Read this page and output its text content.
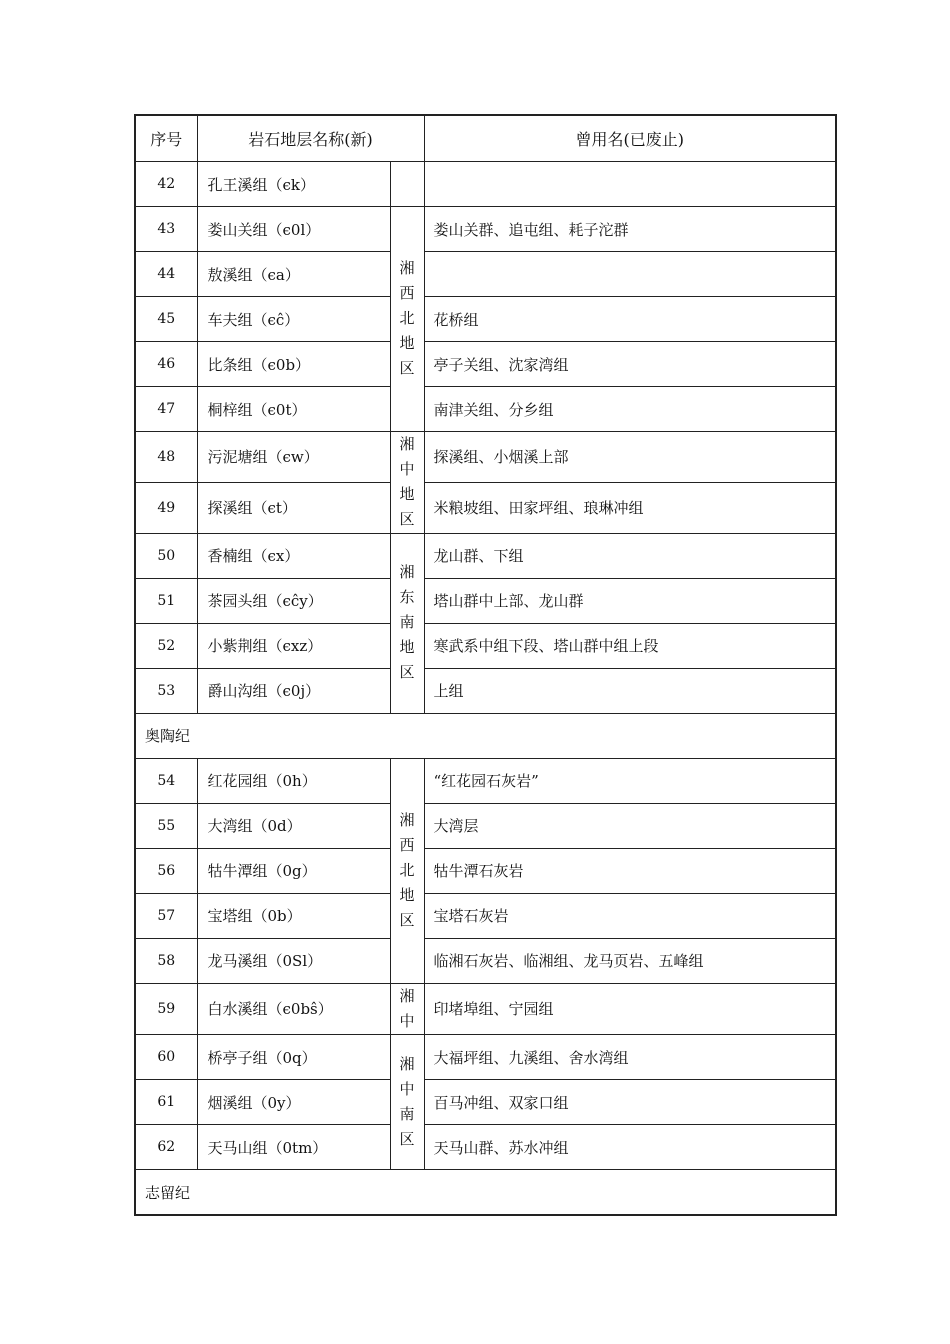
序号	岩石地层名称(新)		曾用名(已废止)
42	孔王溪组（ϵk）		
43	娄山关组（ϵ0l）	湘西北地区	娄山关群、追屯组、耗子沱群
44	敖溪组（ϵa）		
45	车夫组（ϵĉ）		花桥组
46	比条组（ϵ0b）		亭子关组、沈家湾组
47	桐梓组（ϵ0t）		南津关组、分乡组
48	污泥塘组（ϵw）	湘中地区	探溪组、小烟溪上部
49	探溪组（ϵt）		米粮坡组、田家坪组、琅琳冲组
50	香楠组（ϵx）	湘东南地区	龙山群、下组
51	茶园头组（ϵĉy）		塔山群中上部、龙山群
52	小紫荆组（ϵxz）		寒武系中组下段、塔山群中组上段
53	爵山沟组（ϵ0j）		上组
奥陶纪			
54	红花园组（0h）	湘西北地区	“红花园石灰岩”
55	大湾组（0d）		大湾层
56	牯牛潭组（0g）		牯牛潭石灰岩
57	宝塔组（0b）		宝塔石灰岩
58	龙马溪组（0Sl）		临湘石灰岩、临湘组、龙马页岩、五峰组
59	白水溪组（ϵ0bŝ）	湘中	印堵埠组、宁园组
60	桥亭子组（0q）	湘中南区	大福坪组、九溪组、舍水湾组
61	烟溪组（0y）		百马冲组、双家口组
62	天马山组（0tm）		天马山群、苏水冲组
志留纪			
